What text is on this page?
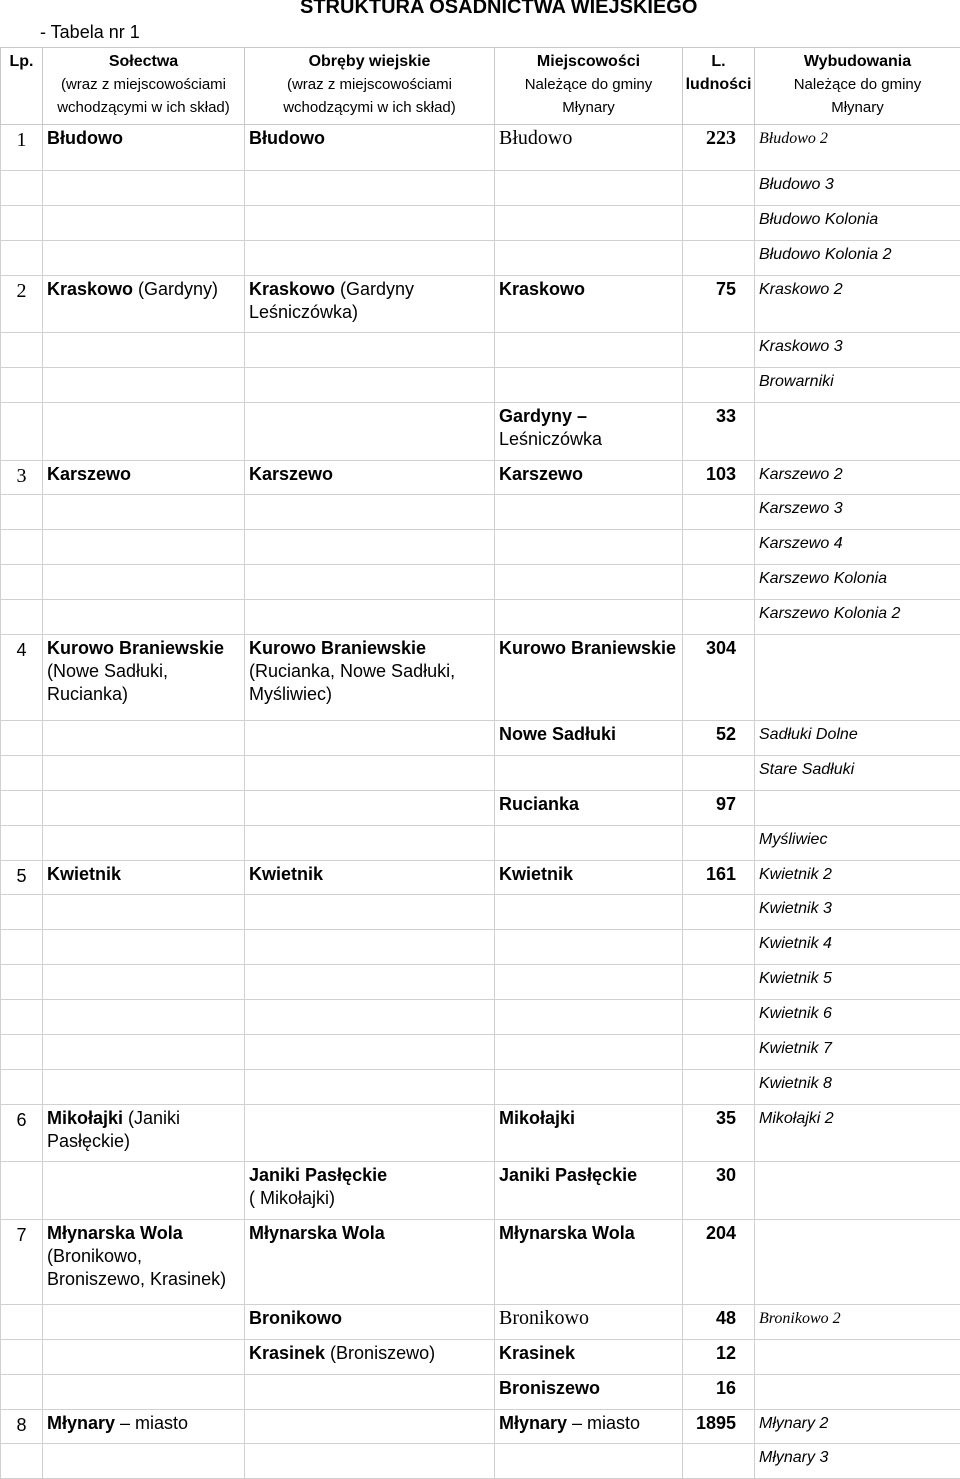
STRUKTURA OSADNICTWA WIEJSKIEGO
- Tabela nr 1
Lp.	Sołectwa
(wraz z miejscowościami
wchodzącymi w ich skład)	Obręby wiejskie
(wraz z miejscowościami
wchodzącymi w ich skład)	Miejscowości
Należące do gminy
Młynary	L.
ludności	Wybudowania
Należące do gminy
Młynary

1	Błudowo	Błudowo	Błudowo	223	Błudowo 2
					Błudowo 3
					Błudowo Kolonia
					Błudowo Kolonia 2
2	Kraskowo (Gardyny)	Kraskowo (Gardyny Leśniczówka)	Kraskowo	75	Kraskowo 2
					Kraskowo 3
					Browarniki

			Gardyny –
Leśniczówka	33	
3	Karszewo	Karszewo	Karszewo	103	Karszewo 2
					Karszewo 3
					Karszewo 4
					Karszewo Kolonia
					Karszewo Kolonia 2
4	Kurowo Braniewskie
(Nowe Sadłuki, Rucianka)	Kurowo Braniewskie
(Rucianka, Nowe Sadłuki, Myśliwiec)	Kurowo Braniewskie	304	
			Nowe Sadłuki	52	Sadłuki Dolne
					Stare Sadłuki
			Rucianka	97	
					Myśliwiec
5	Kwietnik	Kwietnik	Kwietnik	161	Kwietnik 2
					Kwietnik 3
					Kwietnik 4
					Kwietnik 5
					Kwietnik 6
					Kwietnik 7
					Kwietnik 8
6	Mikołajki (Janiki Pasłęckie)		Mikołajki	35	Mikołajki 2
		Janiki Pasłęckie
( Mikołajki)	Janiki Pasłęckie	30	
7	Młynarska Wola
(Bronikowo, Broniszewo, Krasinek)	Młynarska Wola	Młynarska Wola	204	
		Bronikowo	Bronikowo	48	Bronikowo 2
		Krasinek (Broniszewo)	Krasinek	12	
			Broniszewo	16	
8	Młynary – miasto		Młynary – miasto	1895	Młynary 2
					Młynary 3
